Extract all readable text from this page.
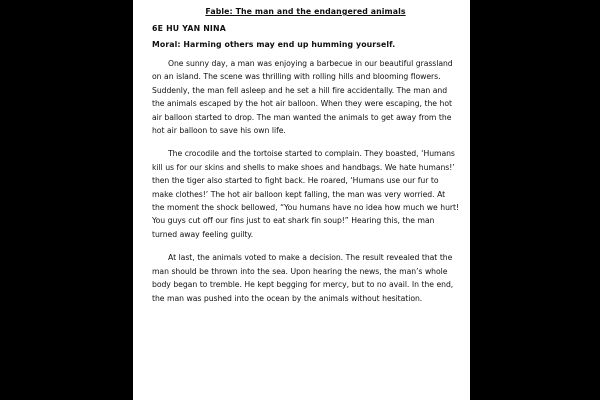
Fable: The man and the endangered animals
6E HU YAN NINA
Moral: Harming others may end up humming yourself.

One sunny day, a man was enjoying a barbecue in our beautiful grassland on an island. The scene was thrilling with rolling hills and blooming flowers. Suddenly, the man fell asleep and he set a hill fire accidentally. The man and the animals escaped by the hot air balloon. When they were escaping, the hot air balloon started to drop. The man wanted the animals to get away from the hot air balloon to save his own life.

The crocodile and the tortoise started to complain. They boasted, ‘Humans kill us for our skins and shells to make shoes and handbags. We hate humans!’ then the tiger also started to fight back. He roared, ‘Humans use our fur to make clothes!’ The hot air balloon kept falling, the man was very worried. At the moment the shock bellowed, “You humans have no idea how much we hurt! You guys cut off our fins just to eat shark fin soup!” Hearing this, the man turned away feeling guilty.

At last, the animals voted to make a decision. The result revealed that the man should be thrown into the sea. Upon hearing the news, the man’s whole body began to tremble. He kept begging for mercy, but to no avail. In the end, the man was pushed into the ocean by the animals without hesitation.
